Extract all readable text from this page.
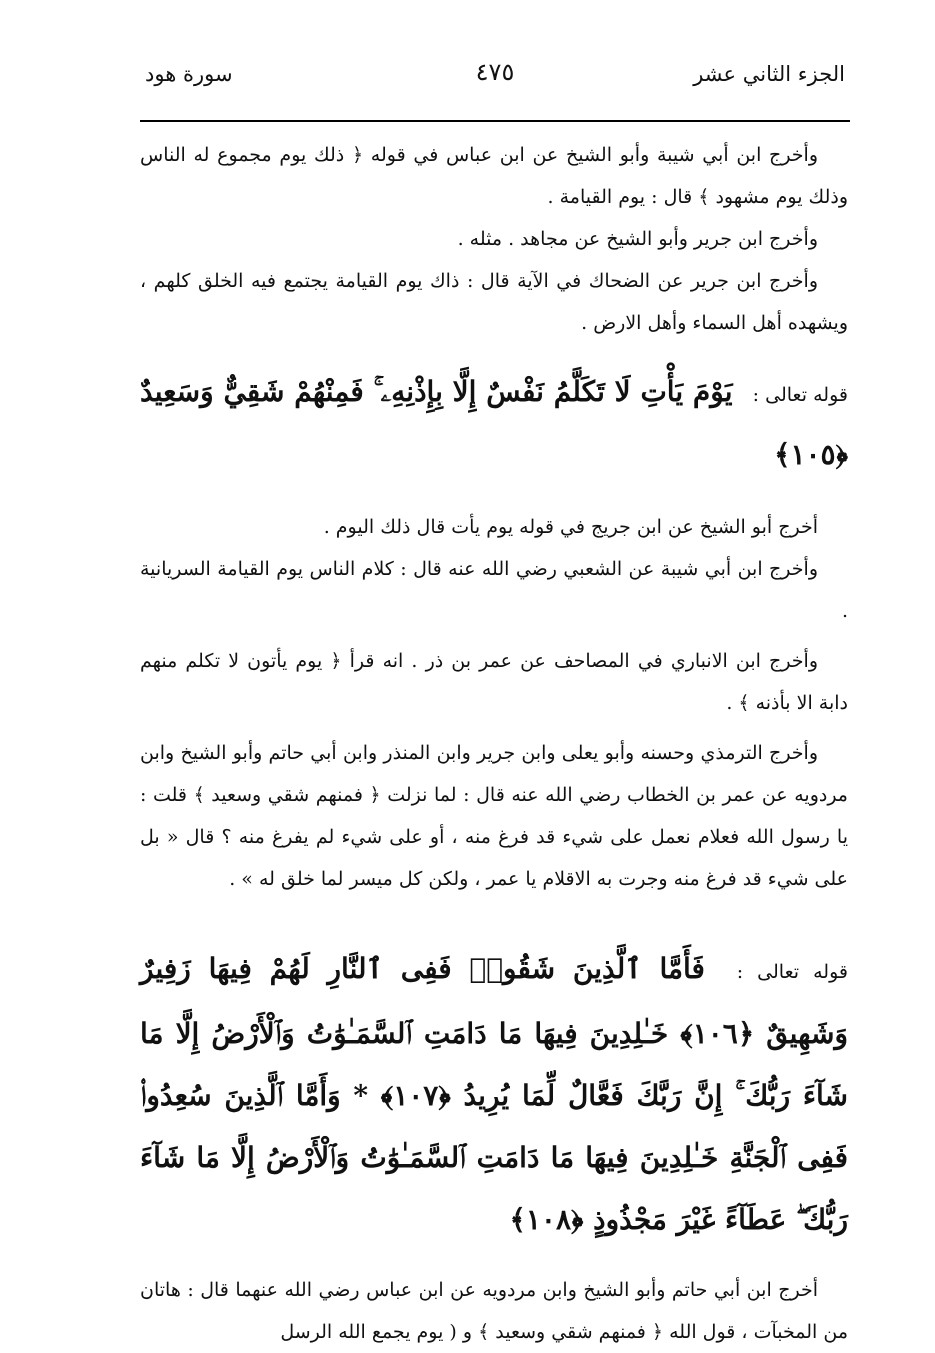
الجزء الثاني عشر
٤٧٥
سورة هود

وأخرج ابن أبي شيبة وأبو الشيخ عن ابن عباس في قوله ﴿ ذلك يوم مجموع له الناس وذلك يوم مشهود ﴾ قال : يوم القيامة .

وأخرج ابن جرير وأبو الشيخ عن مجاهد . مثله .

وأخرج ابن جرير عن الضحاك في الآية قال : ذاك يوم القيامة يجتمع فيه الخلق كلهم ، ويشهده أهل السماء وأهل الارض .

قوله تعالى : يَوْمَ يَأْتِ لَا تَكَلَّمُ نَفْسٌ إِلَّا بِإِذْنِهِۦ ۚ فَمِنْهُمْ شَقِيٌّ وَسَعِيدٌ ﴿١٠٥﴾

أخرج أبو الشيخ عن ابن جريج في قوله يوم يأت قال ذلك اليوم .

وأخرج ابن أبي شيبة عن الشعبي رضي الله عنه قال : كلام الناس يوم القيامة السريانية .

وأخرج ابن الانباري في المصاحف عن عمر بن ذر . انه قرأ ﴿ يوم يأتون لا تكلم منهم دابة الا بأذنه ﴾ .

وأخرج الترمذي وحسنه وأبو يعلى وابن جرير وابن المنذر وابن أبي حاتم وأبو الشيخ وابن مردويه عن عمر بن الخطاب رضي الله عنه قال : لما نزلت ﴿ فمنهم شقي وسعيد ﴾ قلت : يا رسول الله فعلام نعمل على شيء قد فرغ منه ، أو على شيء لم يفرغ منه ؟ قال « بل على شيء قد فرغ منه وجرت به الاقلام يا عمر ، ولكن كل ميسر لما خلق له » .

قوله تعالى : فَأَمَّا ٱلَّذِينَ شَقُوا۟ فَفِى ٱلنَّارِ لَهُمْ فِيهَا زَفِيرٌ وَشَهِيقٌ ﴿١٠٦﴾ خَـٰلِدِينَ فِيهَا مَا دَامَتِ ٱلسَّمَـٰوَٰتُ وَٱلْأَرْضُ إِلَّا مَا شَآءَ رَبُّكَ ۚ إِنَّ رَبَّكَ فَعَّالٌ لِّمَا يُرِيدُ ﴿١٠٧﴾ * وَأَمَّا ٱلَّذِينَ سُعِدُوا۟ فَفِى ٱلْجَنَّةِ خَـٰلِدِينَ فِيهَا مَا دَامَتِ ٱلسَّمَـٰوَٰتُ وَٱلْأَرْضُ إِلَّا مَا شَآءَ رَبُّكَ ۖ عَطَآءً غَيْرَ مَجْذُوذٍ ﴿١٠٨﴾

أخرج ابن أبي حاتم وأبو الشيخ وابن مردويه عن ابن عباس رضي الله عنهما قال : هاتان من المخبآت ، قول الله ﴿ فمنهم شقي وسعيد ﴾ و ( يوم يجمع الله الرسل
